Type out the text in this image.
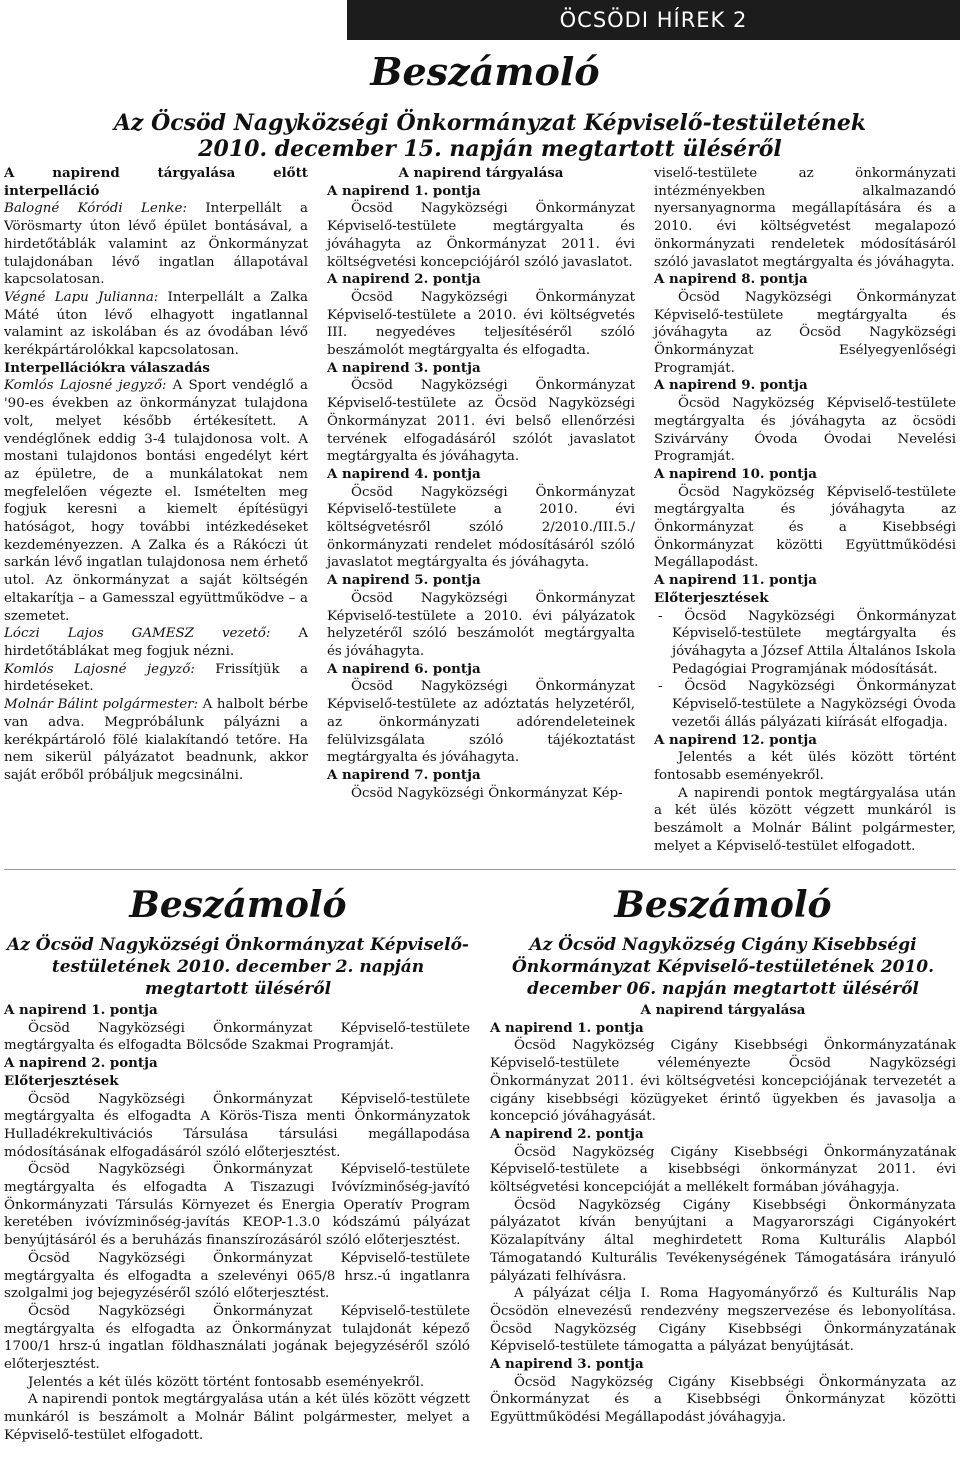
ÖCSÖDI HÍREK 2
Beszámoló
Az Öcsöd Nagyközségi Önkormányzat Képviselő-testületének
2010. december 15. napján megtartott üléséről

A napirend tárgyalása előtt interpelláció

Balogné Kóródi Lenke: Interpellált a Vörösmarty úton lévő épület bontásával, a hirdetőtáblák valamint az Önkormányzat tulajdonában lévő ingatlan állapotával kapcsolatosan.

Végné Lapu Julianna: Interpellált a Zalka Máté úton lévő elhagyott ingatlannal valamint az iskolában és az óvodában lévő kerékpártárolókkal kapcsolatosan.

Interpellációkra válaszadás

Komlós Lajosné jegyző: A Sport vendéglő a '90-es években az önkormányzat tulajdona volt, melyet később értékesített. A vendéglőnek eddig 3-4 tulajdonosa volt. A mostani tulajdonos bontási engedélyt kért az épületre, de a munkálatokat nem megfelelően végezte el. Ismételten meg fogjuk keresni a kiemelt építésügyi hatóságot, hogy további intézkedéseket kezdeményezzen. A Zalka és a Rákóczi út sarkán lévő ingatlan tulajdonosa nem érhető utol. Az önkormányzat a saját költségén eltakarítja – a Gamesszal együttműködve – a szemetet.

Lóczi Lajos GAMESZ vezető: A hirdetőtáblákat meg fogjuk nézni.

Komlós Lajosné jegyző: Frissítjük a hirdetéseket.

Molnár Bálint polgármester: A halbolt bérbe van adva. Megpróbálunk pályázni a kerékpártároló fölé kialakítandó tetőre. Ha nem sikerül pályázatot beadnunk, akkor saját erőből próbáljuk megcsinálni.

A napirend tárgyalása

A napirend 1. pontja

Öcsöd Nagyközségi Önkormányzat Képviselő-testülete megtárgyalta és jóváhagyta az Önkormányzat 2011. évi költségvetési koncepciójáról szóló javaslatot.

A napirend 2. pontja

Öcsöd Nagyközségi Önkormányzat Képviselő-testülete a 2010. évi költségvetés III. negyedéves teljesítéséről szóló beszámolót megtárgyalta és elfogadta.

A napirend 3. pontja

Öcsöd Nagyközségi Önkormányzat Képviselő-testülete az Öcsöd Nagyközségi Önkormányzat 2011. évi belső ellenőrzési tervének elfogadásáról szólót javaslatot megtárgyalta és jóváhagyta.

A napirend 4. pontja

Öcsöd Nagyközségi Önkormányzat Képviselő-testülete a 2010. évi költségvetésről szóló 2/2010./III.5./ önkormányzati rendelet módosításáról szóló javaslatot megtárgyalta és jóváhagyta.

A napirend 5. pontja

Öcsöd Nagyközségi Önkormányzat Képviselő-testülete a 2010. évi pályázatok helyzetéről szóló beszámolót megtárgyalta és jóváhagyta.

A napirend 6. pontja

Öcsöd Nagyközségi Önkormányzat Képviselő-testülete az adóztatás helyzetéről, az önkormányzati adórendeleteinek felülvizsgálata szóló tájékoztatást megtárgyalta és jóváhagyta.

A napirend 7. pontja

Öcsöd Nagyközségi Önkormányzat Kép-

viselő-testülete az önkormányzati intézményekben alkalmazandó nyersanyagnorma megállapítására és a 2010. évi költségvetést megalapozó önkormányzati rendeletek módosításáról szóló javaslatot megtárgyalta és jóváhagyta.

A napirend 8. pontja

Öcsöd Nagyközségi Önkormányzat Képviselő-testülete megtárgyalta és jóváhagyta az Öcsöd Nagyközségi Önkormányzat Esélyegyenlőségi Programját.

A napirend 9. pontja

Öcsöd Nagyközség Képviselő-testülete megtárgyalta és jóváhagyta az öcsödi Szivárvány Óvoda Óvodai Nevelési Programját.

A napirend 10. pontja

Öcsöd Nagyközség Képviselő-testülete megtárgyalta és jóváhagyta az Önkormányzat és a Kisebbségi Önkormányzat közötti Együttműködési Megállapodást.

A napirend 11. pontja

Előterjesztések

- Öcsöd Nagyközségi Önkormányzat Képviselő-testülete megtárgyalta és jóváhagyta a József Attila Általános Iskola Pedagógiai Programjának módosítását.

- Öcsöd Nagyközségi Önkormányzat Képviselő-testülete a Nagyközségi Óvoda vezetői állás pályázati kiírását elfogadja.

A napirend 12. pontja

Jelentés a két ülés között történt fontosabb eseményekről.

A napirendi pontok megtárgyalása után a két ülés között végzett munkáról is beszámolt a Molnár Bálint polgármester, melyet a Képviselő-testület elfogadott.

Beszámoló
Az Öcsöd Nagyközségi Önkormányzat Képviselő-testületének 2010. december 2. napján megtartott üléséről

A napirend 1. pontja

Öcsöd Nagyközségi Önkormányzat Képviselő-testülete megtárgyalta és elfogadta Bölcsőde Szakmai Programját.

A napirend 2. pontja

Előterjesztések

Öcsöd Nagyközségi Önkormányzat Képviselő-testülete megtárgyalta és elfogadta A Körös-Tisza menti Önkormányzatok Hulladékrekultivációs Társulása társulási megállapodása módosításának elfogadásáról szóló előterjesztést.

Öcsöd Nagyközségi Önkormányzat Képviselő-testülete megtárgyalta és elfogadta A Tiszazugi Ivóvízminőség-javító Önkormányzati Társulás Környezet és Energia Operatív Program keretében ivóvízminőség-javítás KEOP-1.3.0 kódszámú pályázat benyújtásáról és a beruházás finanszírozásáról szóló előterjesztést.

Öcsöd Nagyközségi Önkormányzat Képviselő-testülete megtárgyalta és elfogadta a szelevényi 065/8 hrsz.-ú ingatlanra szolgalmi jog bejegyzéséről szóló előterjesztést.

Öcsöd Nagyközségi Önkormányzat Képviselő-testülete megtárgyalta és elfogadta az Önkormányzat tulajdonát képező 1700/1 hrsz-ú ingatlan földhasználati jogának bejegyzéséről szóló előterjesztést.

Jelentés a két ülés között történt fontosabb eseményekről.

A napirendi pontok megtárgyalása után a két ülés között végzett munkáról is beszámolt a Molnár Bálint polgármester, melyet a Képviselő-testület elfogadott.

Beszámoló
Az Öcsöd Nagyközség Cigány Kisebbségi Önkormányzat Képviselő-testületének 2010. december 06. napján megtartott üléséről

A napirend tárgyalása

A napirend 1. pontja

Öcsöd Nagyközség Cigány Kisebbségi Önkormányzatának Képviselő-testülete véleményezte Öcsöd Nagyközségi Önkormányzat 2011. évi költségvetési koncepciójának tervezetét a cigány kisebbségi közügyeket érintő ügyekben és javasolja a koncepció jóváhagyását.

A napirend 2. pontja

Öcsöd Nagyközség Cigány Kisebbségi Önkormányzatának Képviselő-testülete a kisebbségi önkormányzat 2011. évi költségvetési koncepcióját a mellékelt formában jóváhagyja.

Öcsöd Nagyközség Cigány Kisebbségi Önkormányzata pályázatot kíván benyújtani a Magyarországi Cigányokért Közalapítvány által meghirdetett Roma Kulturális Alapból Támogatandó Kulturális Tevékenységének Támogatására irányuló pályázati felhívásra.

A pályázat célja I. Roma Hagyományőrző és Kulturális Nap Öcsödön elnevezésű rendezvény megszervezése és lebonyolítása. Öcsöd Nagyközség Cigány Kisebbségi Önkormányzatának Képviselő-testülete támogatta a pályázat benyújtását.

A napirend 3. pontja

Öcsöd Nagyközség Cigány Kisebbségi Önkormányzata az Önkormányzat és a Kisebbségi Önkormányzat közötti Együttműködési Megállapodást jóváhagyja.
